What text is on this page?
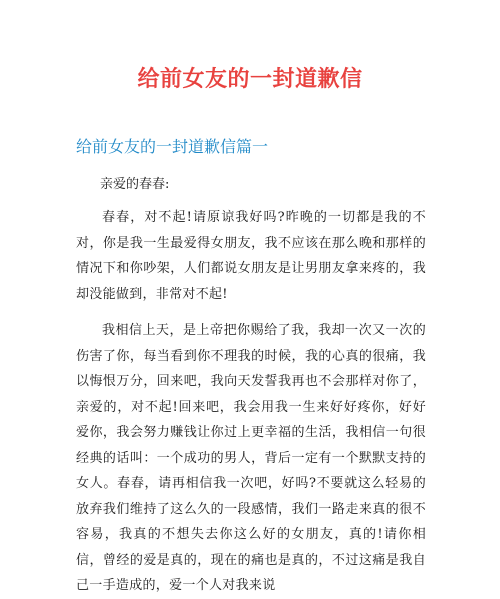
给前女友的一封道歉信
给前女友的一封道歉信篇一
亲爱的春春:

春春，对不起!请原谅我好吗?昨晚的一切都是我的不对，你是我一生最爱得女朋友，我不应该在那么晚和那样的情况下和你吵架，人们都说女朋友是让男朋友拿来疼的，我却没能做到，非常对不起!

我相信上天，是上帝把你赐给了我，我却一次又一次的伤害了你，每当看到你不理我的时候，我的心真的很痛，我以悔恨万分，回来吧，我向天发誓我再也不会那样对你了，亲爱的，对不起!回来吧，我会用我一生来好好疼你，好好爱你，我会努力赚钱让你过上更幸福的生活，我相信一句很经典的话叫：一个成功的男人，背后一定有一个默默支持的女人。春春，请再相信我一次吧，好吗?不要就这么轻易的放弃我们维持了这么久的一段感情，我们一路走来真的很不容易，我真的不想失去你这么好的女朋友，真的!请你相信，曾经的爱是真的，现在的痛也是真的，不过这痛是我自己一手造成的，爱一个人对我来说
